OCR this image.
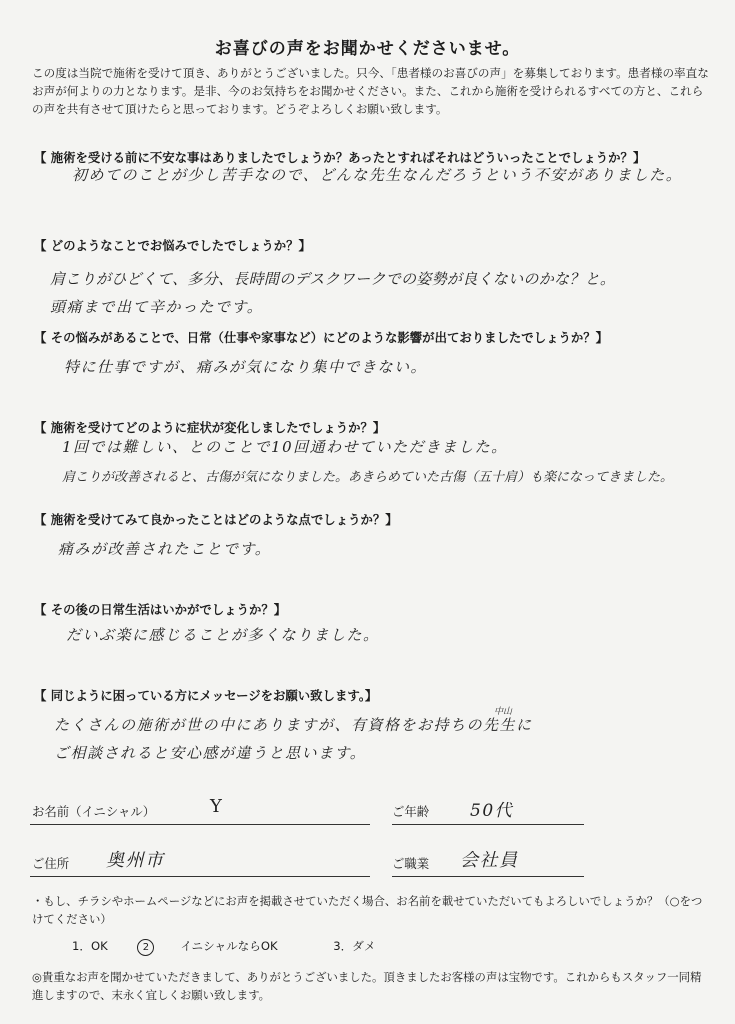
お喜びの声をお聞かせくださいませ。
この度は当院で施術を受けて頂き、ありがとうございました。只今、「患者様のお喜びの声」を募集しております。患者様の率直なお声が何よりの力となります。是非、今のお気持ちをお聞かせください。また、これから施術を受けられるすべての方と、これらの声を共有させて頂けたらと思っております。どうぞよろしくお願い致します。
【 施術を受ける前に不安な事はありましたでしょうか？あったとすればそれはどういったことでしょうか？】
初めてのことが少し苦手なので、どんな先生なんだろうという不安がありました。
【 どのようなことでお悩みでしたでしょうか？】
肩こりがひどくて、多分、長時間のデスクワークでの姿勢が良くないのかな？と。
頭痛まで出て辛かったです。
【 その悩みがあることで、日常（仕事や家事など）にどのような影響が出ておりましたでしょうか？】
特に仕事ですが、痛みが気になり集中できない。
【 施術を受けてどのように症状が変化しましたでしょうか？】
1回では難しい、とのことで10回通わせていただきました。
肩こりが改善されると、古傷が気になりました。あきらめていた古傷（五十肩）も楽になってきました。
【 施術を受けてみて良かったことはどのような点でしょうか？】
痛みが改善されたことです。
【 その後の日常生活はいかがでしょうか？】
だいぶ楽に感じることが多くなりました。
【 同じように困っている方にメッセージをお願い致します。】
中山
たくさんの施術が世の中にありますが、有資格をお持ちの先生に
ご相談されると安心感が違うと思います。
お名前（イニシャル）	Y	ご年齢 50代
ご住所 奥州市	ご職業 会社員
・もし、チラシやホームページなどにお声を掲載させていただく場合、お名前を載せていただいてもよろしいでしょうか？（○をつけてください）
1．OK	2	イニシャルならOK	3．ダメ
◎貴重なお声を聞かせていただきまして、ありがとうございました。頂きましたお客様の声は宝物です。これからもスタッフ一同精進しますので、末永く宜しくお願い致します。
